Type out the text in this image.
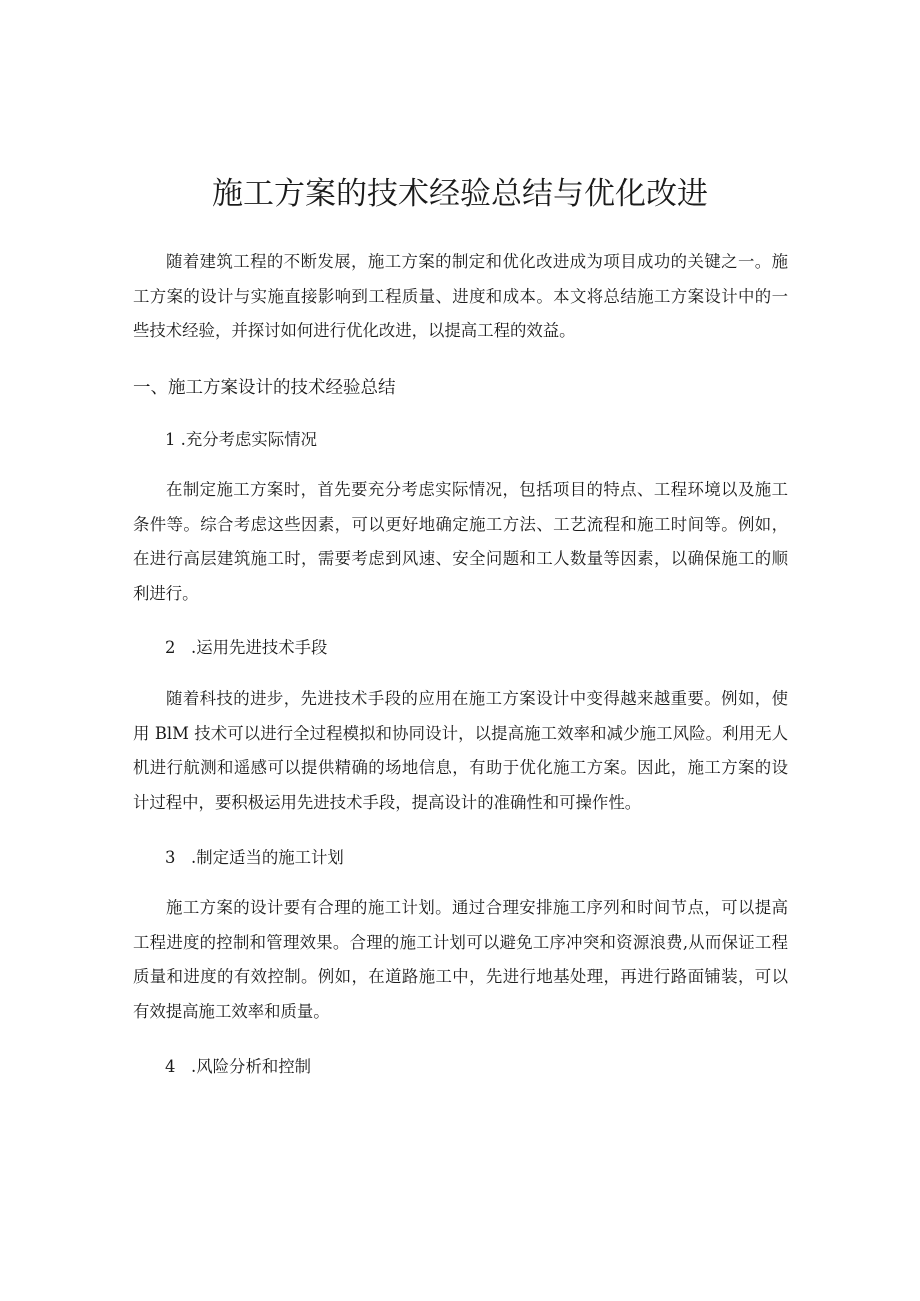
施工方案的技术经验总结与优化改进

随着建筑工程的不断发展，施工方案的制定和优化改进成为项目成功的关键之一。施工方案的设计与实施直接影响到工程质量、进度和成本。本文将总结施工方案设计中的一些技术经验，并探讨如何进行优化改进，以提高工程的效益。

一、施工方案设计的技术经验总结
1 .充分考虑实际情况

在制定施工方案时，首先要充分考虑实际情况，包括项目的特点、工程环境以及施工条件等。综合考虑这些因素，可以更好地确定施工方法、工艺流程和施工时间等。例如，在进行高层建筑施工时，需要考虑到风速、安全问题和工人数量等因素，以确保施工的顺利进行。

2   .运用先进技术手段

随着科技的进步，先进技术手段的应用在施工方案设计中变得越来越重要。例如，使用 BlM 技术可以进行全过程模拟和协同设计，以提高施工效率和减少施工风险。利用无人机进行航测和遥感可以提供精确的场地信息，有助于优化施工方案。因此，施工方案的设计过程中，要积极运用先进技术手段，提高设计的准确性和可操作性。

3   .制定适当的施工计划

施工方案的设计要有合理的施工计划。通过合理安排施工序列和时间节点，可以提高工程进度的控制和管理效果。合理的施工计划可以避免工序冲突和资源浪费,从而保证工程质量和进度的有效控制。例如，在道路施工中，先进行地基处理，再进行路面铺装，可以有效提高施工效率和质量。

4   .风险分析和控制
